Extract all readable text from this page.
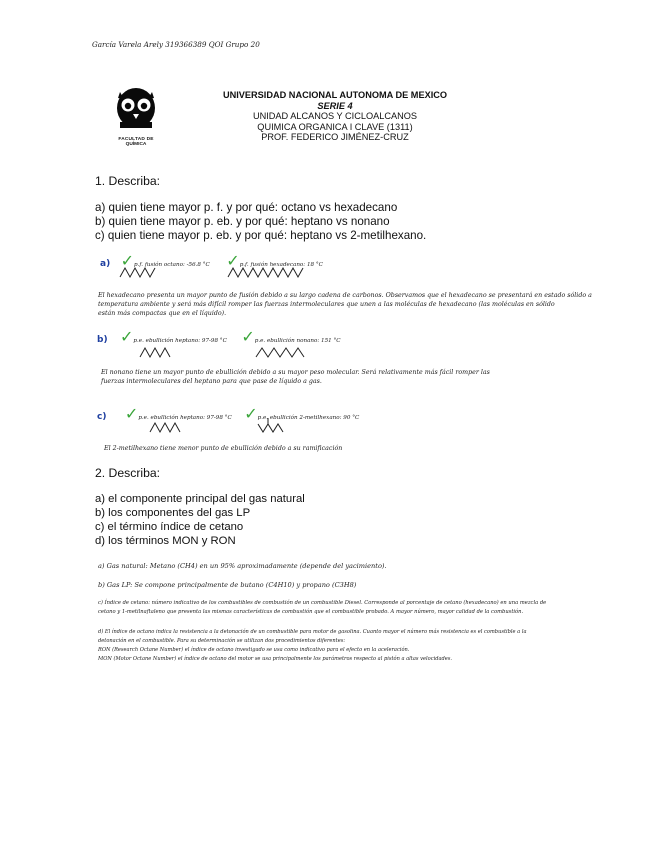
García Varela Arely 319366389 QOI Grupo 20
FACULTAD DE
QUÍMICA
UNIVERSIDAD NACIONAL AUTONOMA DE MEXICO
SERIE 4
UNIDAD ALCANOS Y CICLOALCANOS
QUIMICA ORGANICA I CLAVE (1311)
PROF. FEDERICO JIMÉNEZ-CRUZ
1. Describa:
a) quien tiene mayor p. f. y por qué: octano vs hexadecano
b) quien tiene mayor p. eb. y por qué: heptano vs nonano
c) quien tiene mayor p. eb. y por qué: heptano vs 2-metilhexano.
a) ✓p.f. fusión octano: -56.8 °C ✓p.f. fusión hexadecano: 18 °C
El hexadecano presenta un mayor punto de fusión debido a su largo cadena de carbonos. Observamos que el hexadecano se presentará en estado sólido a
temperatura ambiente y será más difícil romper las fuerzas intermoleculares que unen a las moléculas de hexadecano (las moléculas en sólido
están más compactas que en el líquido).
b) ✓p.e. ebullición heptano: 97-98 °C ✓p.e. ebullición nonano: 151 °C
El nonano tiene un mayor punto de ebullición debido a su mayor peso molecular. Será relativamente más fácil romper las
fuerzas intermoleculares del heptano para que pase de líquido a gas.
c) ✓p.e. ebullición heptano: 97-98 °C ✓p.e. ebullición 2-metilhexano: 90 °C
El 2-metilhexano tiene menor punto de ebullición debido a su ramificación
2. Describa:
a) el componente principal del gas natural
b) los componentes del gas LP
c) el término índice de cetano
d) los términos MON y RON
a) Gas natural: Metano (CH4) en un 95% aproximadamente (depende del yacimiento).
b) Gas LP: Se compone principalmente de butano (C4H10) y propano (C3H8)
c) Índice de cetano: número indicativo de los combustibles de combustión de un combustible Diesel. Corresponde al porcentaje de cetano (hexadecano) en una mezcla de
cetano y 1-metilnaftaleno que presenta las mismas características de combustión que el combustible probado. A mayor número, mayor calidad de la combustión.
d) El índice de octano indica la resistencia a la detonación de un combustible para motor de gasolina. Cuanto mayor el número más resistencia es el combustible a la
detonación en el combustible. Para su determinación se utilizan dos procedimientos diferentes:
RON (Research Octane Number) el índice de octano investigado se usa como indicativo para el efecto en la aceleración.
MON (Motor Octane Number) el índice de octano del motor se usa principalmente los parámetros respecto al pistón a altas velocidades.
